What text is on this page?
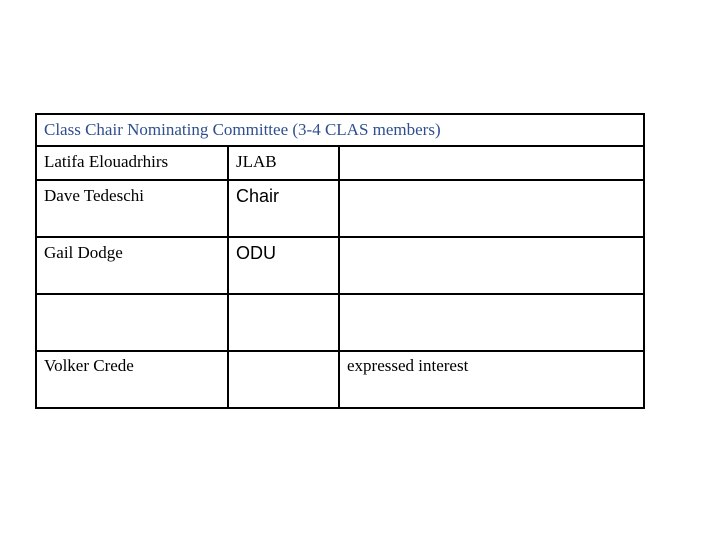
Class Chair Nominating Committee (3-4 CLAS members)		
Latifa Elouadrhirs	JLAB	
Dave Tedeschi	Chair	
Gail Dodge	ODU	

Volker Crede		expressed interest
